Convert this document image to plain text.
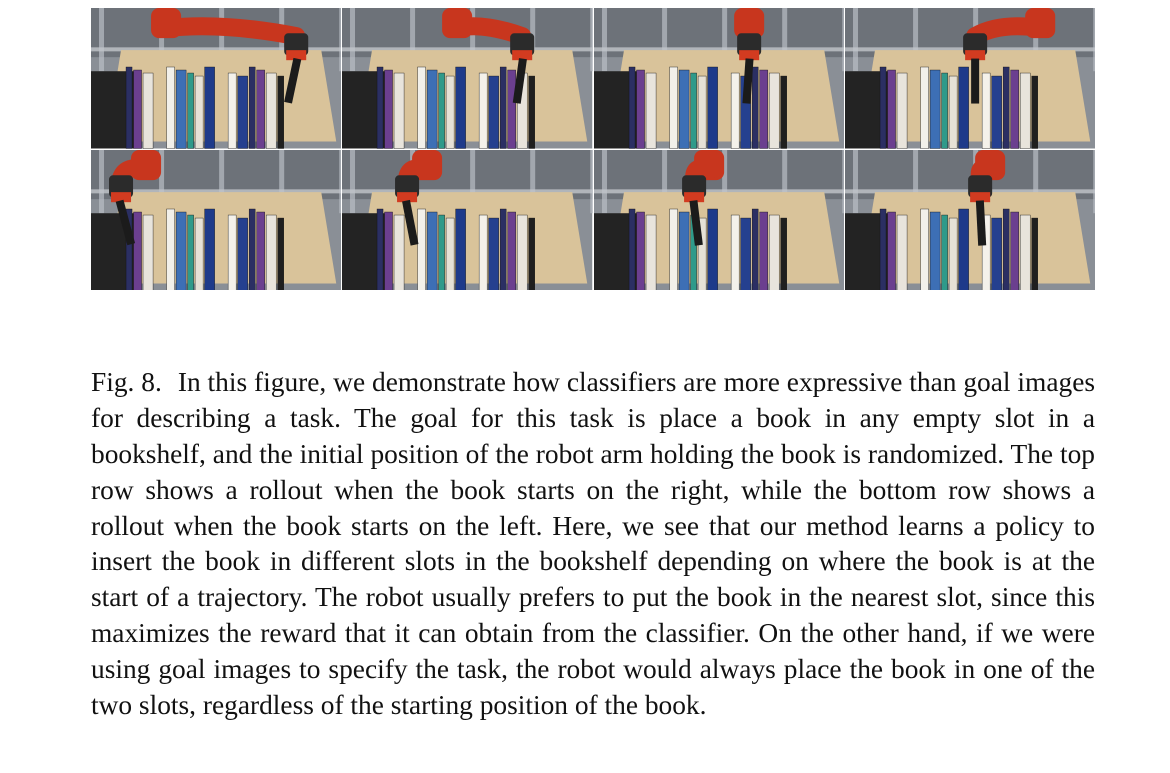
Fig. 8. In this figure, we demonstrate how classifiers are more expressive than goal images for describing a task. The goal for this task is place a book in any empty slot in a bookshelf, and the initial position of the robot arm holding the book is randomized. The top row shows a rollout when the book starts on the right, while the bottom row shows a rollout when the book starts on the left. Here, we see that our method learns a policy to insert the book in different slots in the bookshelf depending on where the book is at the start of a trajectory. The robot usually prefers to put the book in the nearest slot, since this maximizes the reward that it can obtain from the classifier. On the other hand, if we were using goal images to specify the task, the robot would always place the book in one of the two slots, regardless of the starting position of the book.
